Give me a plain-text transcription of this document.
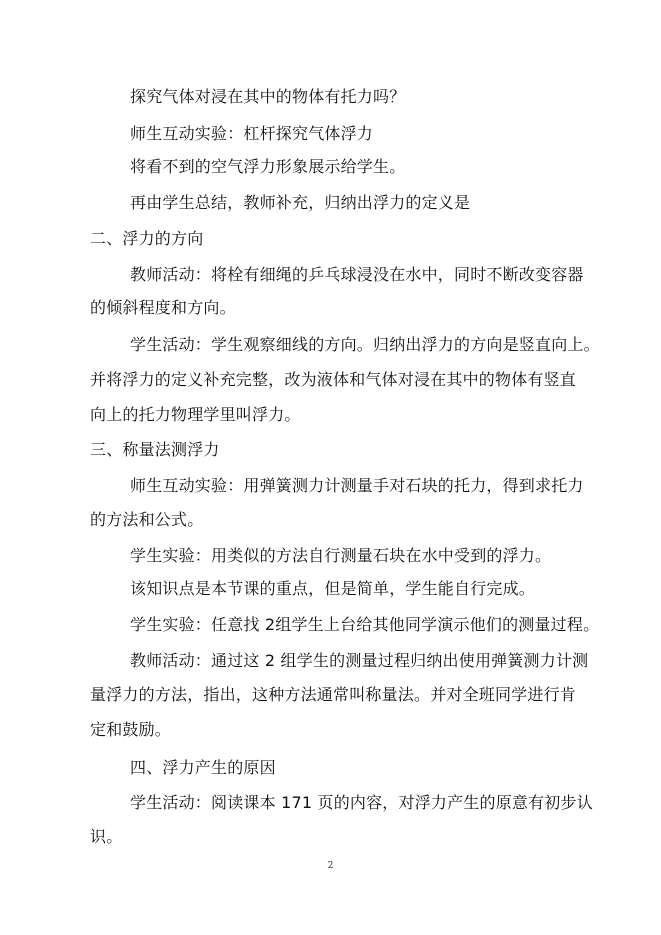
探究气体对浸在其中的物体有托力吗？
师生互动实验：杠杆探究气体浮力
将看不到的空气浮力形象展示给学生。
再由学生总结，教师补充，归纳出浮力的定义是
二、浮力的方向
教师活动：将栓有细绳的乒乓球浸没在水中，同时不断改变容器
的倾斜程度和方向。
学生活动：学生观察细线的方向。归纳出浮力的方向是竖直向上。
并将浮力的定义补充完整，改为液体和气体对浸在其中的物体有竖直
向上的托力物理学里叫浮力。
三、称量法测浮力
师生互动实验：用弹簧测力计测量手对石块的托力，得到求托力
的方法和公式。
学生实验：用类似的方法自行测量石块在水中受到的浮力。
该知识点是本节课的重点，但是简单，学生能自行完成。
学生实验：任意找 2组学生上台给其他同学演示他们的测量过程。
教师活动：通过这 2 组学生的测量过程归纳出使用弹簧测力计测
量浮力的方法，指出，这种方法通常叫称量法。并对全班同学进行肯
定和鼓励。
四、浮力产生的原因
学生活动：阅读课本 171 页的内容，对浮力产生的原意有初步认
识。
2
